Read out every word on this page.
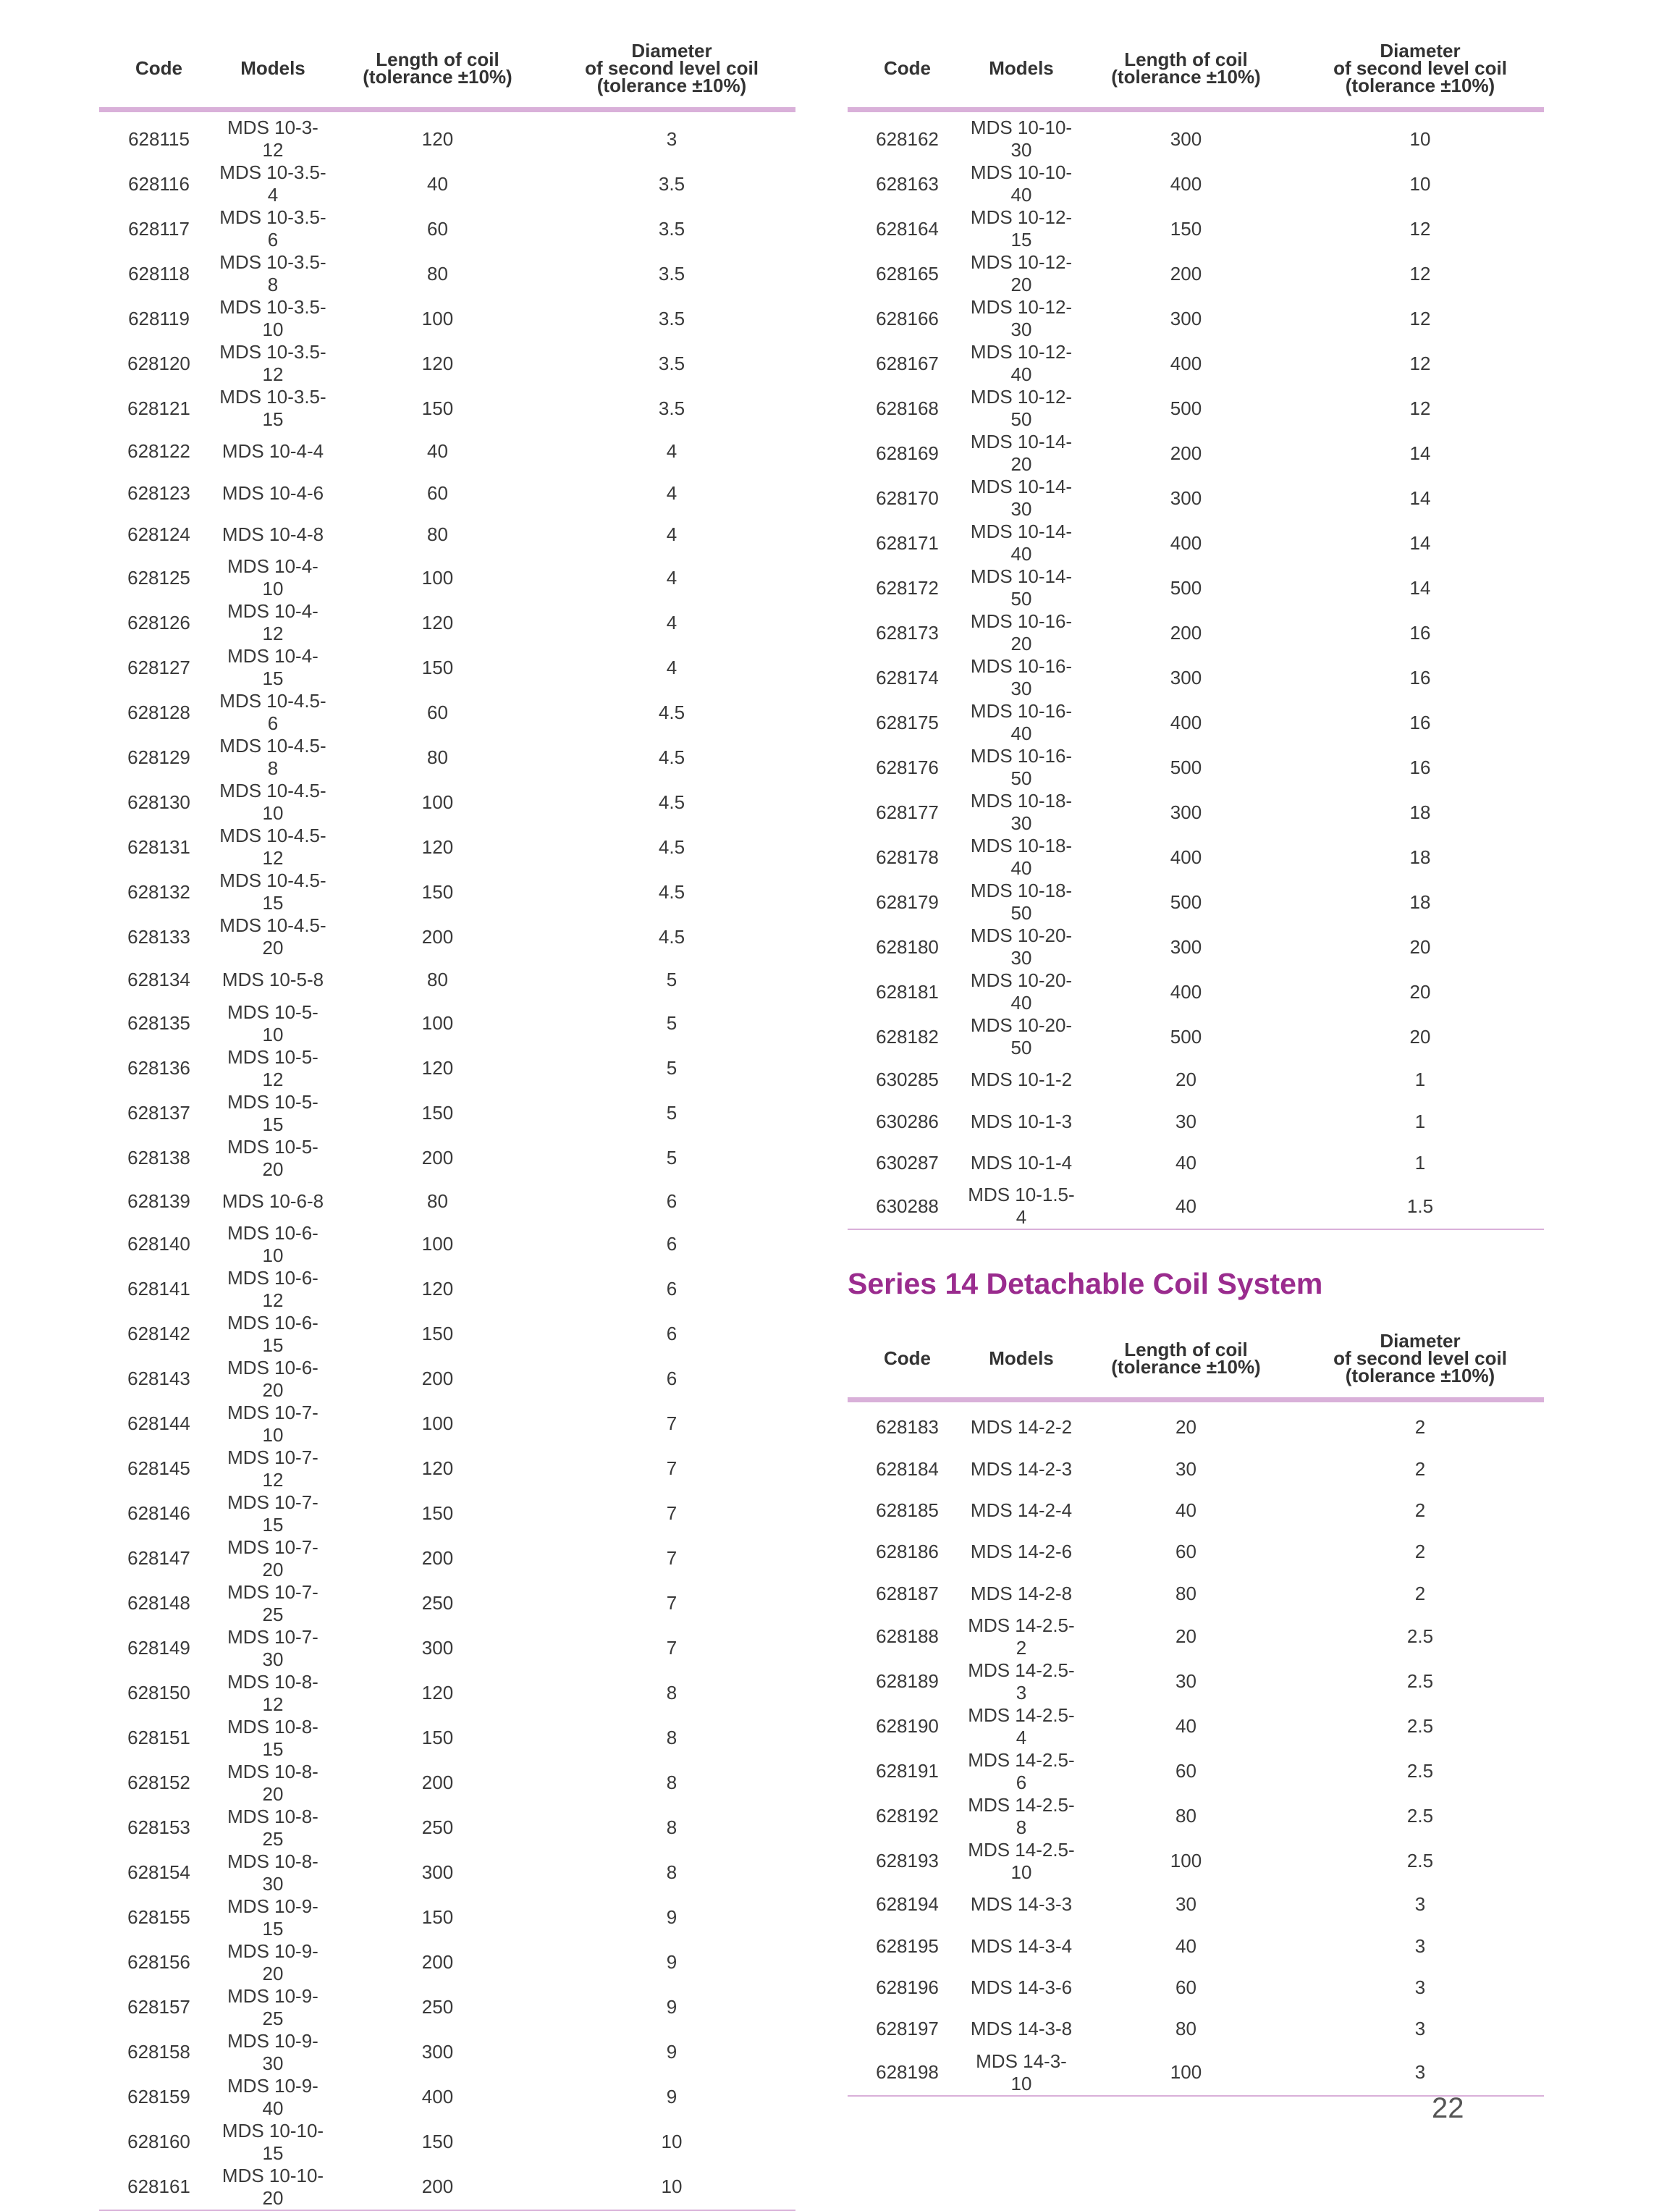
Code	Models	Length of coil
(tolerance ±10%)	Diameter
of second level coil
(tolerance ±10%)

628115	MDS 10-3-12	120	3
628116	MDS 10-3.5-4	40	3.5
628117	MDS 10-3.5-6	60	3.5
628118	MDS 10-3.5-8	80	3.5
628119	MDS 10-3.5-10	100	3.5
628120	MDS 10-3.5-12	120	3.5
628121	MDS 10-3.5-15	150	3.5
628122	MDS 10-4-4	40	4
628123	MDS 10-4-6	60	4
628124	MDS 10-4-8	80	4
628125	MDS 10-4-10	100	4
628126	MDS 10-4-12	120	4
628127	MDS 10-4-15	150	4
628128	MDS 10-4.5-6	60	4.5
628129	MDS 10-4.5-8	80	4.5
628130	MDS 10-4.5-10	100	4.5
628131	MDS 10-4.5-12	120	4.5
628132	MDS 10-4.5-15	150	4.5
628133	MDS 10-4.5-20	200	4.5
628134	MDS 10-5-8	80	5
628135	MDS 10-5-10	100	5
628136	MDS 10-5-12	120	5
628137	MDS 10-5-15	150	5
628138	MDS 10-5-20	200	5
628139	MDS 10-6-8	80	6
628140	MDS 10-6-10	100	6
628141	MDS 10-6-12	120	6
628142	MDS 10-6-15	150	6
628143	MDS 10-6-20	200	6
628144	MDS 10-7-10	100	7
628145	MDS 10-7-12	120	7
628146	MDS 10-7-15	150	7
628147	MDS 10-7-20	200	7
628148	MDS 10-7-25	250	7
628149	MDS 10-7-30	300	7
628150	MDS 10-8-12	120	8
628151	MDS 10-8-15	150	8
628152	MDS 10-8-20	200	8
628153	MDS 10-8-25	250	8
628154	MDS 10-8-30	300	8
628155	MDS 10-9-15	150	9
628156	MDS 10-9-20	200	9
628157	MDS 10-9-25	250	9
628158	MDS 10-9-30	300	9
628159	MDS 10-9-40	400	9
628160	MDS 10-10-15	150	10
628161	MDS 10-10-20	200	10

Code	Models	Length of coil
(tolerance ±10%)	Diameter
of second level coil
(tolerance ±10%)

628162	MDS 10-10-30	300	10
628163	MDS 10-10-40	400	10
628164	MDS 10-12-15	150	12
628165	MDS 10-12-20	200	12
628166	MDS 10-12-30	300	12
628167	MDS 10-12-40	400	12
628168	MDS 10-12-50	500	12
628169	MDS 10-14-20	200	14
628170	MDS 10-14-30	300	14
628171	MDS 10-14-40	400	14
628172	MDS 10-14-50	500	14
628173	MDS 10-16-20	200	16
628174	MDS 10-16-30	300	16
628175	MDS 10-16-40	400	16
628176	MDS 10-16-50	500	16
628177	MDS 10-18-30	300	18
628178	MDS 10-18-40	400	18
628179	MDS 10-18-50	500	18
628180	MDS 10-20-30	300	20
628181	MDS 10-20-40	400	20
628182	MDS 10-20-50	500	20
630285	MDS 10-1-2	20	1
630286	MDS 10-1-3	30	1
630287	MDS 10-1-4	40	1
630288	MDS 10-1.5-4	40	1.5

Series 14 Detachable Coil System
Code	Models	Length of coil
(tolerance ±10%)	Diameter
of second level coil
(tolerance ±10%)

628183	MDS 14-2-2	20	2
628184	MDS 14-2-3	30	2
628185	MDS 14-2-4	40	2
628186	MDS 14-2-6	60	2
628187	MDS 14-2-8	80	2
628188	MDS 14-2.5-2	20	2.5
628189	MDS 14-2.5-3	30	2.5
628190	MDS 14-2.5-4	40	2.5
628191	MDS 14-2.5-6	60	2.5
628192	MDS 14-2.5-8	80	2.5
628193	MDS 14-2.5-10	100	2.5
628194	MDS 14-3-3	30	3
628195	MDS 14-3-4	40	3
628196	MDS 14-3-6	60	3
628197	MDS 14-3-8	80	3
628198	MDS 14-3-10	100	3

22
